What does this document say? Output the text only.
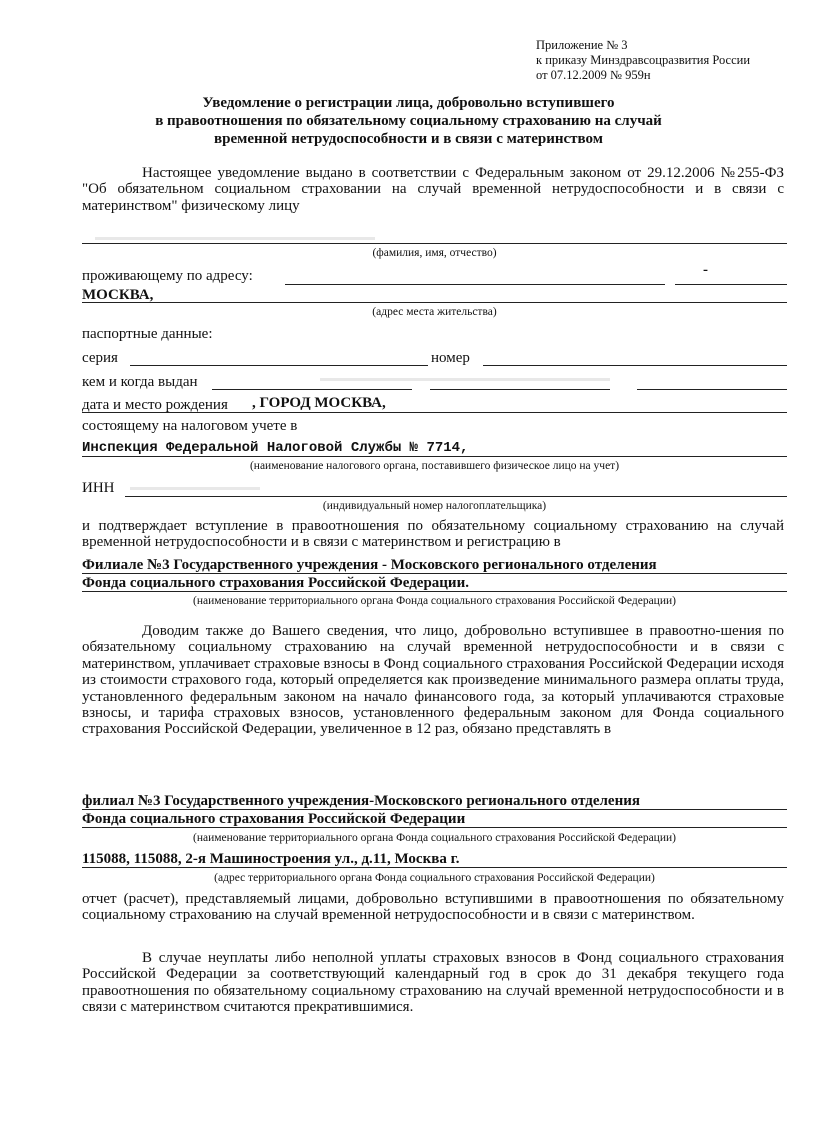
Приложение № 3
к приказу Минздравсоцразвития России
от 07.12.2009 № 959н
Уведомление о регистрации лица, добровольно вступившего
в правоотношения по обязательному социальному страхованию на случай
временной нетрудоспособности и в связи с материнством
Настоящее уведомление выдано в соответствии с Федеральным законом от 29.12.2006 №255-ФЗ "Об обязательном социальном страховании на случай временной нетрудоспособности и в связи с материнством" физическому лицу
(фамилия, имя, отчество)
проживающему по адресу:	-
МОСКВА,
(адрес места жительства)
паспортные данные:
серия	номер
кем и когда выдан
дата и место рождения , ГОРОД МОСКВА,
состоящему на налоговом учете в
Инспекция Федеральной Налоговой Службы № 7714,
(наименование налогового органа, поставившего физическое лицо на учет)
ИНН
(индивидуальный номер налогоплательщика)
и подтверждает вступление в правоотношения по обязательному социальному страхованию на случай временной нетрудоспособности и в связи с материнством и регистрацию в
Филиале №3 Государственного учреждения - Московского регионального отделения
Фонда социального страхования Российской Федерации.
(наименование территориального органа Фонда социального страхования Российской Федерации)
Доводим также до Вашего сведения, что лицо, добровольно вступившее в правоотно-шения по обязательному социальному страхованию на случай временной нетрудоспособности и в связи с материнством, уплачивает страховые взносы в Фонд социального страхования Российской Федерации исходя из стоимости страхового года, который определяется как произведение минимального размера оплаты труда, установленного федеральным законом на начало финансового года, за который уплачиваются страховые взносы, и тарифа страховых взносов, установленного федеральным законом для Фонда социального страхования Российской Федерации, увеличенное в 12 раз, обязано представлять в
филиал №3 Государственного учреждения-Московского регионального отделения
Фонда социального страхования Российской Федерации
(наименование территориального органа Фонда социального страхования Российской Федерации)
115088, 115088, 2-я Машиностроения ул., д.11, Москва г.
(адрес территориального органа Фонда социального страхования Российской Федерации)
отчет (расчет), представляемый лицами, добровольно вступившими в правоотношения по обязательному социальному страхованию на случай временной нетрудоспособности и в связи с материнством.
В случае неуплаты либо неполной уплаты страховых взносов в Фонд социального страхования Российской Федерации за соответствующий календарный год в срок до 31 декабря текущего года правоотношения по обязательному социальному страхованию на случай временной нетрудоспособности и в связи с материнством считаются прекратившимися.
